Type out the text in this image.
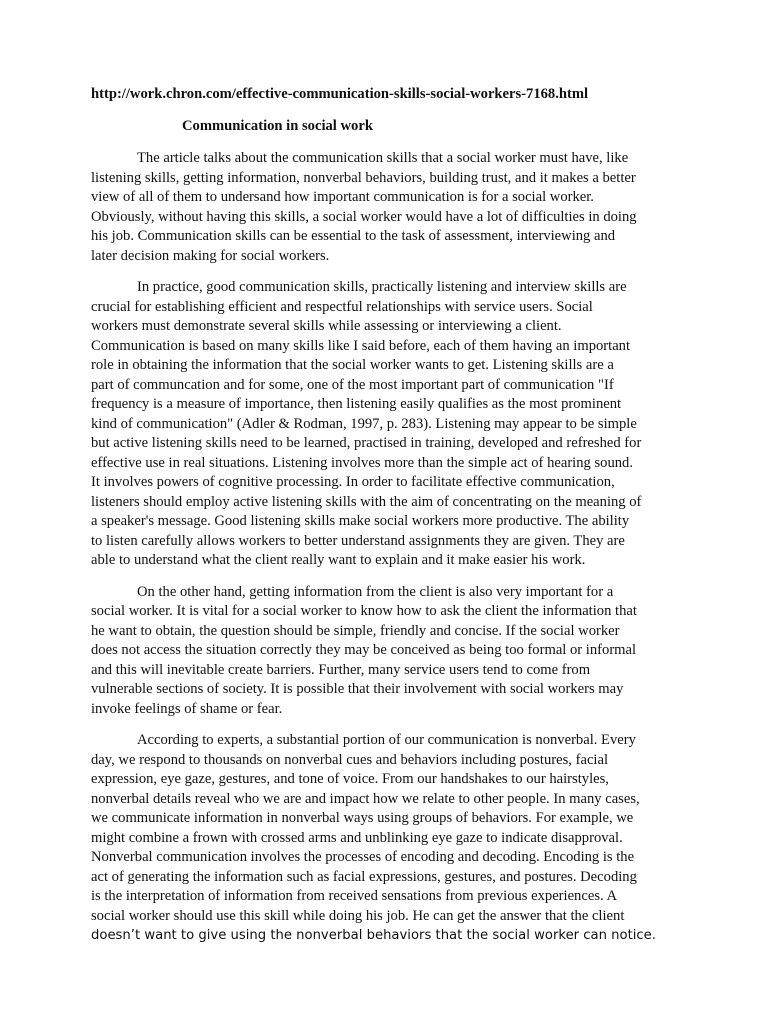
http://work.chron.com/effective-communication-skills-social-workers-7168.html
Communication in social work

The article talks about the communication skills that a social worker must have, like
listening skills, getting information, nonverbal behaviors, building trust, and it makes a better
view of all of them to undersand how important communication is for a social worker.
Obviously, without having this skills, a social worker would have a lot of difficulties in doing
his job. Communication skills can be essential to the task of assessment, interviewing and
later decision making for social workers.

In practice, good communication skills, practically listening and interview skills are
crucial for establishing efficient and respectful relationships with service users. Social
workers must demonstrate several skills while assessing or interviewing a client.
Communication is based on many skills like I said before, each of them having an important
role in obtaining the information that the social worker wants to get. Listening skills are a
part of communcation and for some, one of the most important part of communication "If
frequency is a measure of importance, then listening easily qualifies as the most prominent
kind of communication" (Adler & Rodman, 1997, p. 283). Listening may appear to be simple
but active listening skills need to be learned, practised in training, developed and refreshed for
effective use in real situations. Listening involves more than the simple act of hearing sound.
It involves powers of cognitive processing. In order to facilitate effective communication,
listeners should employ active listening skills with the aim of concentrating on the meaning of
a speaker's message. Good listening skills make social workers more productive. The ability
to listen carefully allows workers to better understand assignments they are given. They are
able to understand what the client really want to explain and it make easier his work.

On the other hand, getting information from the client is also very important for a
social worker. It is vital for a social worker to know how to ask the client the information that
he want to obtain, the question should be simple, friendly and concise. If the social worker
does not access the situation correctly they may be conceived as being too formal or informal
and this will inevitable create barriers. Further, many service users tend to come from
vulnerable sections of society. It is possible that their involvement with social workers may
invoke feelings of shame or fear.

According to experts, a substantial portion of our communication is nonverbal. Every
day, we respond to thousands on nonverbal cues and behaviors including postures, facial
expression, eye gaze, gestures, and tone of voice. From our handshakes to our hairstyles,
nonverbal details reveal who we are and impact how we relate to other people. In many cases,
we communicate information in nonverbal ways using groups of behaviors. For example, we
might combine a frown with crossed arms and unblinking eye gaze to indicate disapproval.
Nonverbal communication involves the processes of encoding and decoding. Encoding is the
act of generating the information such as facial expressions, gestures, and postures. Decoding
is the interpretation of information from received sensations from previous experiences. A
social worker should use this skill while doing his job. He can get the answer that the client
doesn’t want to give using the nonverbal behaviors that the social worker can notice.
